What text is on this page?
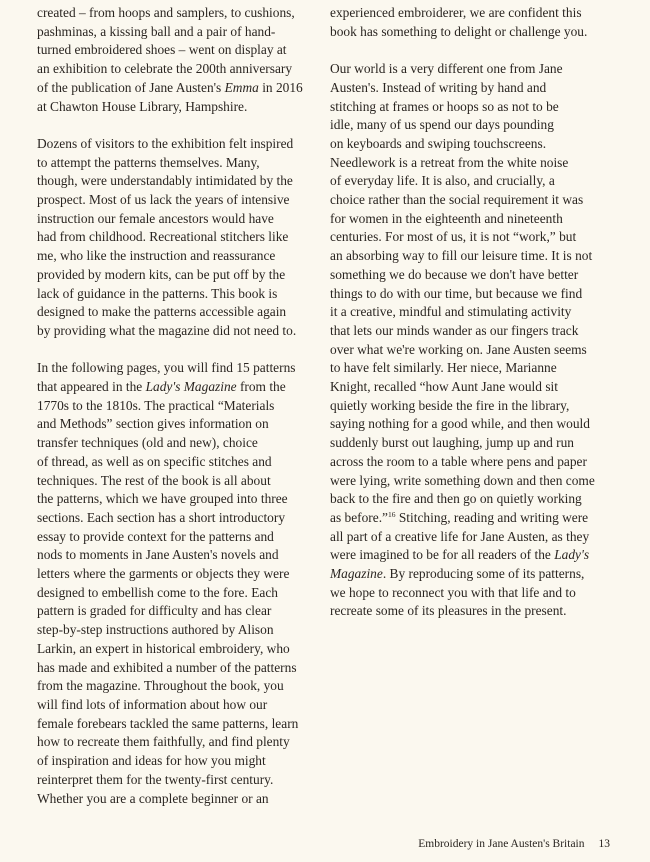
created – from hoops and samplers, to cushions,
pashminas, a kissing ball and a pair of hand-
turned embroidered shoes – went on display at
an exhibition to celebrate the 200th anniversary
of the publication of Jane Austen's Emma in 2016
at Chawton House Library, Hampshire.
Dozens of visitors to the exhibition felt inspired
to attempt the patterns themselves. Many,
though, were understandably intimidated by the
prospect. Most of us lack the years of intensive
instruction our female ancestors would have
had from childhood. Recreational stitchers like
me, who like the instruction and reassurance
provided by modern kits, can be put off by the
lack of guidance in the patterns. This book is
designed to make the patterns accessible again
by providing what the magazine did not need to.
In the following pages, you will find 15 patterns
that appeared in the Lady's Magazine from the
1770s to the 1810s. The practical “Materials
and Methods” section gives information on
transfer techniques (old and new), choice
of thread, as well as on specific stitches and
techniques. The rest of the book is all about
the patterns, which we have grouped into three
sections. Each section has a short introductory
essay to provide context for the patterns and
nods to moments in Jane Austen's novels and
letters where the garments or objects they were
designed to embellish come to the fore. Each
pattern is graded for difficulty and has clear
step-by-step instructions authored by Alison
Larkin, an expert in historical embroidery, who
has made and exhibited a number of the patterns
from the magazine. Throughout the book, you
will find lots of information about how our
female forebears tackled the same patterns, learn
how to recreate them faithfully, and find plenty
of inspiration and ideas for how you might
reinterpret them for the twenty-first century.
Whether you are a complete beginner or an
experienced embroiderer, we are confident this
book has something to delight or challenge you.
Our world is a very different one from Jane
Austen's. Instead of writing by hand and
stitching at frames or hoops so as not to be
idle, many of us spend our days pounding
on keyboards and swiping touchscreens.
Needlework is a retreat from the white noise
of everyday life. It is also, and crucially, a
choice rather than the social requirement it was
for women in the eighteenth and nineteenth
centuries. For most of us, it is not “work,” but
an absorbing way to fill our leisure time. It is not
something we do because we don't have better
things to do with our time, but because we find
it a creative, mindful and stimulating activity
that lets our minds wander as our fingers track
over what we're working on. Jane Austen seems
to have felt similarly. Her niece, Marianne
Knight, recalled “how Aunt Jane would sit
quietly working beside the fire in the library,
saying nothing for a good while, and then would
suddenly burst out laughing, jump up and run
across the room to a table where pens and paper
were lying, write something down and then come
back to the fire and then go on quietly working
as before.”$^{16}$ Stitching, reading and writing were
all part of a creative life for Jane Austen, as they
were imagined to be for all readers of the Lady's
Magazine. By reproducing some of its patterns,
we hope to reconnect you with that life and to
recreate some of its pleasures in the present.
Embroidery in Jane Austen's Britain 13
